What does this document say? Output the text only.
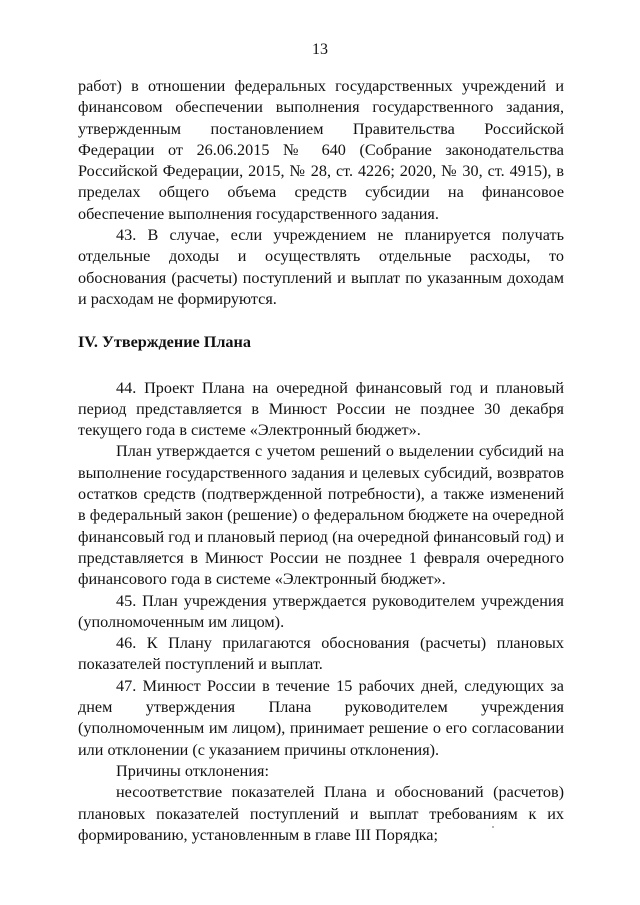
13

работ) в отношении федеральных государственных учреждений и финансовом обеспечении выполнения государственного задания, утвержденным постановлением Правительства Российской Федерации от 26.06.2015 № 640 (Собрание законодательства Российской Федерации, 2015, № 28, ст. 4226; 2020, № 30, ст. 4915), в пределах общего объема средств субсидии на финансовое обеспечение выполнения государственного задания.

43. В случае, если учреждением не планируется получать отдельные доходы и осуществлять отдельные расходы, то обоснования (расчеты) поступлений и выплат по указанным доходам и расходам не формируются.

IV. Утверждение Плана

44. Проект Плана на очередной финансовый год и плановый период представляется в Минюст России не позднее 30 декабря текущего года в системе «Электронный бюджет».

План утверждается с учетом решений о выделении субсидий на выполнение государственного задания и целевых субсидий, возвратов остатков средств (подтвержденной потребности), а также изменений в федеральный закон (решение) о федеральном бюджете на очередной финансовый год и плановый период (на очередной финансовый год) и представляется в Минюст России не позднее 1 февраля очередного финансового года в системе «Электронный бюджет».

45. План учреждения утверждается руководителем учреждения (уполномоченным им лицом).

46. К Плану прилагаются обоснования (расчеты) плановых показателей поступлений и выплат.

47. Минюст России в течение 15 рабочих дней, следующих за днем утверждения Плана руководителем учреждения (уполномоченным им лицом), принимает решение о его согласовании или отклонении (с указанием причины отклонения).

Причины отклонения:

несоответствие показателей Плана и обоснований (расчетов) плановых показателей поступлений и выплат требованиям к их формированию, установленным в главе III Порядка;
